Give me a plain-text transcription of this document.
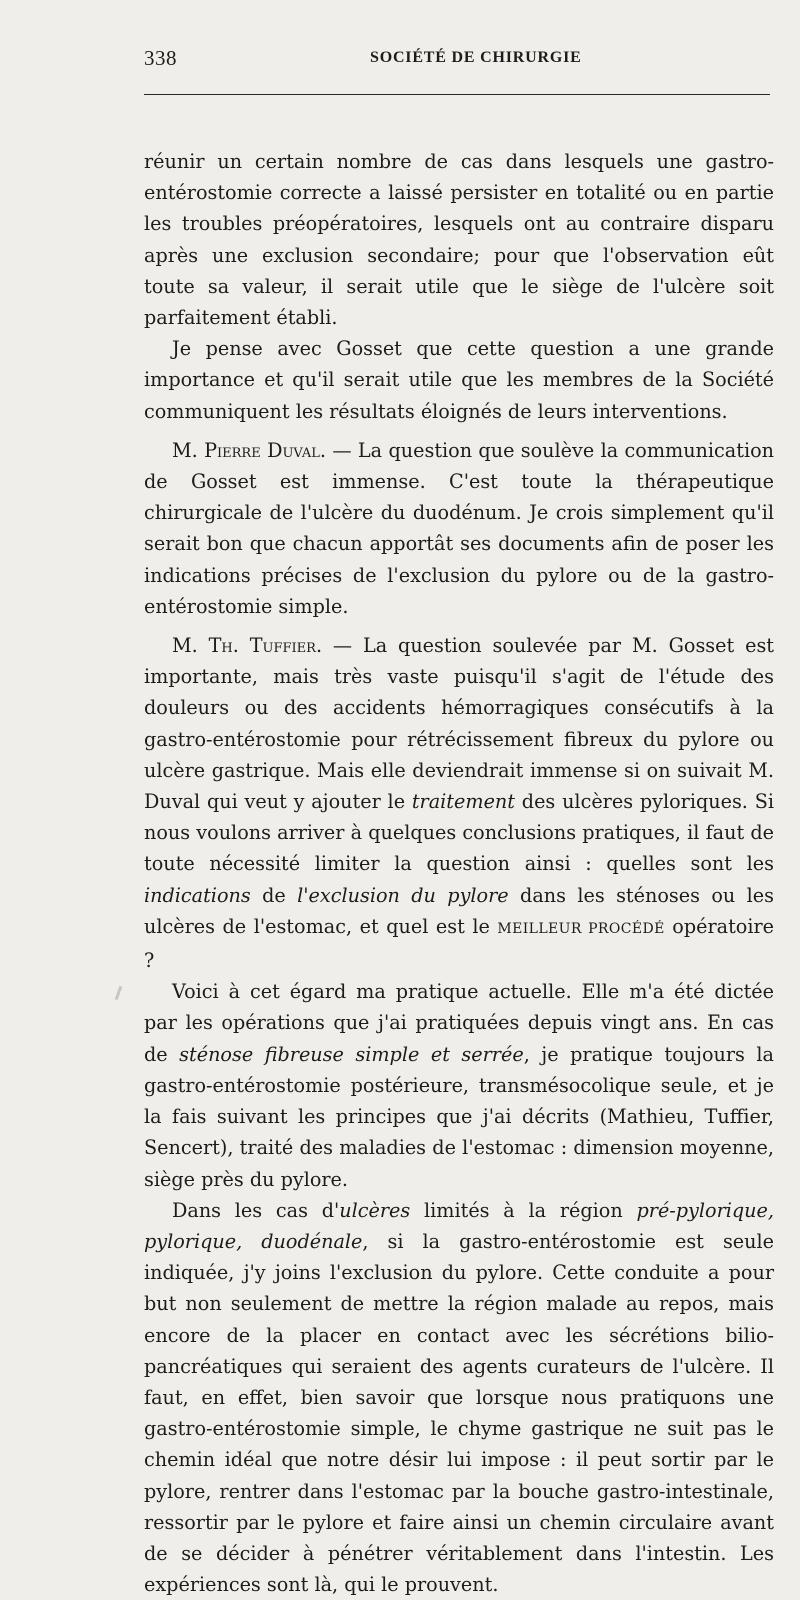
338	SOCIÉTÉ DE CHIRURGIE

réunir un certain nombre de cas dans lesquels une gastro-entérostomie correcte a laissé persister en totalité ou en partie les troubles préopératoires, lesquels ont au contraire disparu après une exclusion secondaire; pour que l'observation eût toute sa valeur, il serait utile que le siège de l'ulcère soit parfaitement établi.

Je pense avec Gosset que cette question a une grande importance et qu'il serait utile que les membres de la Société communiquent les résultats éloignés de leurs interventions.

M. Pierre Duval. — La question que soulève la communication de Gosset est immense. C'est toute la thérapeutique chirurgicale de l'ulcère du duodénum. Je crois simplement qu'il serait bon que chacun apportât ses documents afin de poser les indications précises de l'exclusion du pylore ou de la gastro-entérostomie simple.

M. Th. Tuffier. — La question soulevée par M. Gosset est importante, mais très vaste puisqu'il s'agit de l'étude des douleurs ou des accidents hémorragiques consécutifs à la gastro-entérostomie pour rétrécissement fibreux du pylore ou ulcère gastrique. Mais elle deviendrait immense si on suivait M. Duval qui veut y ajouter le traitement des ulcères pyloriques. Si nous voulons arriver à quelques conclusions pratiques, il faut de toute nécessité limiter la question ainsi : quelles sont les indications de l'exclusion du pylore dans les sténoses ou les ulcères de l'estomac, et quel est le MEILLEUR PROCÉDÉ opératoire ?

Voici à cet égard ma pratique actuelle. Elle m'a été dictée par les opérations que j'ai pratiquées depuis vingt ans. En cas de sténose fibreuse simple et serrée, je pratique toujours la gastro-entérostomie postérieure, transmésocolique seule, et je la fais suivant les principes que j'ai décrits (Mathieu, Tuffier, Sencert), traité des maladies de l'estomac : dimension moyenne, siège près du pylore.

Dans les cas d'ulcères limités à la région pré-pylorique, pylorique, duodénale, si la gastro-entérostomie est seule indiquée, j'y joins l'exclusion du pylore. Cette conduite a pour but non seulement de mettre la région malade au repos, mais encore de la placer en contact avec les sécrétions bilio-pancréatiques qui seraient des agents curateurs de l'ulcère. Il faut, en effet, bien savoir que lorsque nous pratiquons une gastro-entérostomie simple, le chyme gastrique ne suit pas le chemin idéal que notre désir lui impose : il peut sortir par le pylore, rentrer dans l'estomac par la bouche gastro-intestinale, ressortir par le pylore et faire ainsi un chemin circulaire avant de se décider à pénétrer véritablement dans l'intestin. Les expériences sont là, qui le prouvent.
